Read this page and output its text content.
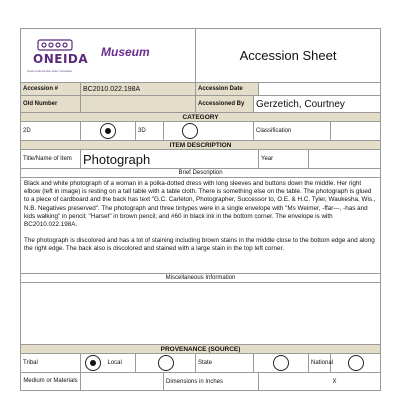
ONEIDA
Ayelo·kuthunɨ·khé·wisé Yukwahtaʼ
Museum					Accession Sheet				
Accession #	BC2010.022.198A				Accession Date				
Old Number					Accessioned By	Gerzetich, Courtney			
CATEGORY									
2D			3D			Classification			
ITEM DESCRIPTION									
Title/Name of Item	Photograph						Year		
Brief Description									

Black and white photograph of a woman in a polka-dotted dress with long sleeves and buttons down the middle. Her right elbow (left in image) is resting on a tall table with a table cloth. There is something else on the table. The photograph is glued to a piece of cardboard and the back has text "G.C. Carleton, Photographer, Successor to, O.E. & H.C. Tyler, Waukesha, Wis., N.B. Negatives preserved". The photograph and three tintypes were in a single envelope with "Ms Weimer, -ffar---, -has and kids walking" in pencil; "Harset" in brown pencil; and #60 in black ink in the bottom corner. The envelope is with BC2010.022.198A.

The photograph is discolored and has a lot of staining including brown stains in the middle close to the bottom edge and along the right edge. The back also is discolored and stained with a large stain in the top left corner.									

Miscellaneous Information									

PROVENANCE (SOURCE)									
Tribal		Local			State			National	
Medium or Materials				Dimensions in Inches					X
